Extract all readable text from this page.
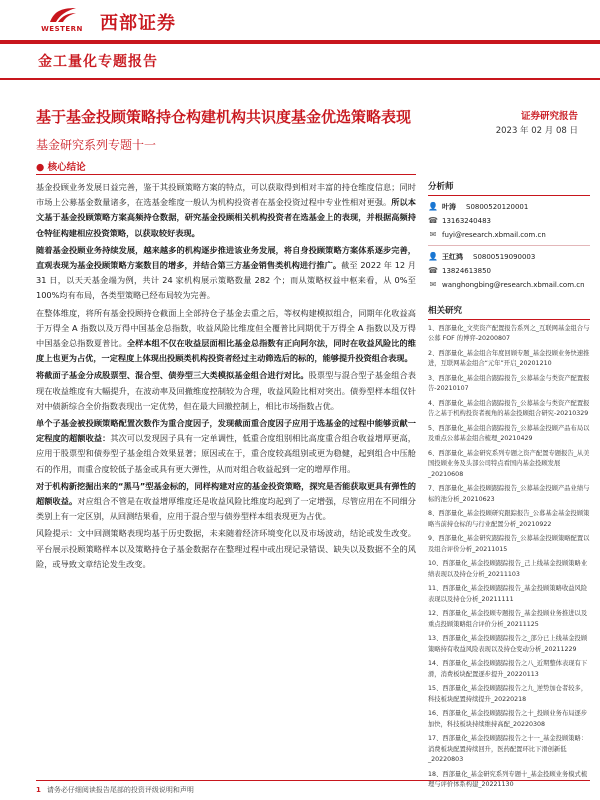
WESTERN 西部证券
金工量化专题报告
基于基金投顾策略持仓构建机构共识度基金优选策略表现
基金研究系列专题十一
证券研究报告
2023 年 02 月 08 日
● 核心结论

基金投顾业务发展日益完善，鉴于其投顾策略方案的特点，可以获取得到相对丰富的持仓维度信息；同时市场上公募基金数量诸多，在选基金维度一般认为机构投资者在基金投资过程中专业性相对更强。所以本文基于基金投顾策略方案高频持仓数据，研究基金投顾相关机构投资者在选基金上的表现，并根据高频持仓特征构建相应投资策略，以获取较好表现。

随着基金投顾业务持续发展，越来越多的机构逐步推进该业务发展，将自身投顾策略方案体系逐步完善，直观表现为基金投顾策略方案数目的增多，并结合第三方基金销售类机构进行推广。截至 2022 年 12 月 31 日，以天天基金端为例，共计 24 家机构展示策略数量 282 个；而从策略权益中枢来看，从 0%至 100%均有布局，各类型策略已经布局较为完善。

在整体维度，将所有基金投顾持仓截面上全部持仓子基金去重之后，等权构建模拟组合，同期年化收益高于万得全 A 指数以及万得中国基金总指数，收益风险比维度但全覆普比同期优于万得全 A 指数以及万得中国基金总指数夏普比。全样本组不仅在收益层面相比基金总指数有正向阿尔法，同时在收益风险比的维度上也更为占优，一定程度上体现出投顾类机构投资者经过主动筛选后的标的，能够提升投资组合表现。

将截面子基金分成股票型、混合型、债券型三大类模拟基金组合进行对比。股票型与混合型子基金组合表现在收益维度有大幅提升，在波动率及回撤维度控制较为合理，收益风险比相对突出。债券型样本组仅针对中债新综合全价指数表现出一定优势，但在最大回撤控制上，相比市场指数占优。

单个子基金被投顾策略配置次数作为重合度因子，发现截面重合度因子应用于选基金的过程中能够贡献一定程度的超额收益：其次可以发现因子具有一定单调性，低重合度组别相比高度重合组合收益增厚更高，应用于股票型和债券型子基金组合效果显著；原因或在于，重合度较高组别或更为稳健，起到组合中压舱石的作用，而重合度较低子基金或具有更大弹性，从而对组合收益起到一定的增厚作用。

对于机构新挖掘出来的“黑马”型基金标的，同样构建对应的基金投资策略，探究是否能获取更具有弹性的超额收益。对应组合不管是在收益增厚维度还是收益风险比维度均起到了一定增强，尽管应用在不同细分类别上有一定区别，从回测结果看，应用于混合型与债券型样本组表现更为占优。

风险提示：文中回测策略表现均基于历史数据，未来随着经济环境变化以及市场波动，结论或发生改变。平台展示投顾策略样本以及策略持仓子基金数据存在整理过程中或出现记录错误、缺失以及数据不全的风险，或导致文章结论发生改变。

分析师
👤 叶涛 S0800520120001
☎ 13163240483
✉ fuyi@research.xbmail.com.cn
👤 王红鸿 S0800519090003
☎ 13824613850
✉ wanghongbing@research.xbmail.com.cn
相关研究
1、西部量化_文奖资产配置报告系列之_互联网基金组合与公募 FOF 的博弈-20200807
2、西部量化_基金组合年度回顾专题_基金投顾业务快速推进，互联网基金组合“元年”开启_20201210
3、西部量化_基金组合跟踪报告_公募基金与类资产配置报告-20210107
4、西部量化_基金组合跟踪报告_公募基金与类资产配置报告之基于机构投资者视角的基金投顾组合研究-20210329
5、西部量化_基金组合跟踪报告_公募基金投顾产品布局以及重点公募基金组合梳理_20210429
6、西部量化_基金研究系列专题之资产配置专题报告_从美国投顾业务及头部公司特点看国内基金投顾发展_20210608
7、西部量化_基金投顾跟踪报告_公募基金投顾产品业绩与标的池分析_20210623
8、西部量化_基金投顾研究跟踪报告_公募基金基金投顾策略当前持仓标的与行业配置分析_20210922
9、西部量化_基金研究跟踪报告_公募基金投顾策略配置以及组合评价分析_20211015
10、西部量化_基金投顾跟踪报告_己上线基金投顾策略业绩表现以及持仓分析_20211103
11、西部量化_基金投顾跟踪报告_基金投顾策略收益风险表现以及持仓分析_20211111
12、西部量化_基金投顾专题报告_基金投顾业务推进以及重点投顾策略组合评价分析_20211125
13、西部量化_基金投顾跟踪报告之_部分已上线基金投顾策略持有收益风险表现以及持仓变动分析_20211229
14、西部量化_基金投顾跟踪报告之八_近期整体表现有下滑，消费板块配置逐步提升_20220113
15、西部量化_基金投顾跟踪报告之九_逆势加仓者较多，科技板块配置持续提升_20220218
16、西部量化_基金投顾跟踪报告之十_投顾业务布局逐步加快，科技板块持续维持高配_20220308
17、西部量化_基金投顾跟踪报告之十一_基金投顾策略：消费板块配置持续回升，医药配置环比下滑创新低_20220803
18、西部量化_基金研究系列专题十_基金投顾业务模式梳理与评价体系构建_20221130
1 请务必仔细阅读报告尾部的投资评级说明和声明
